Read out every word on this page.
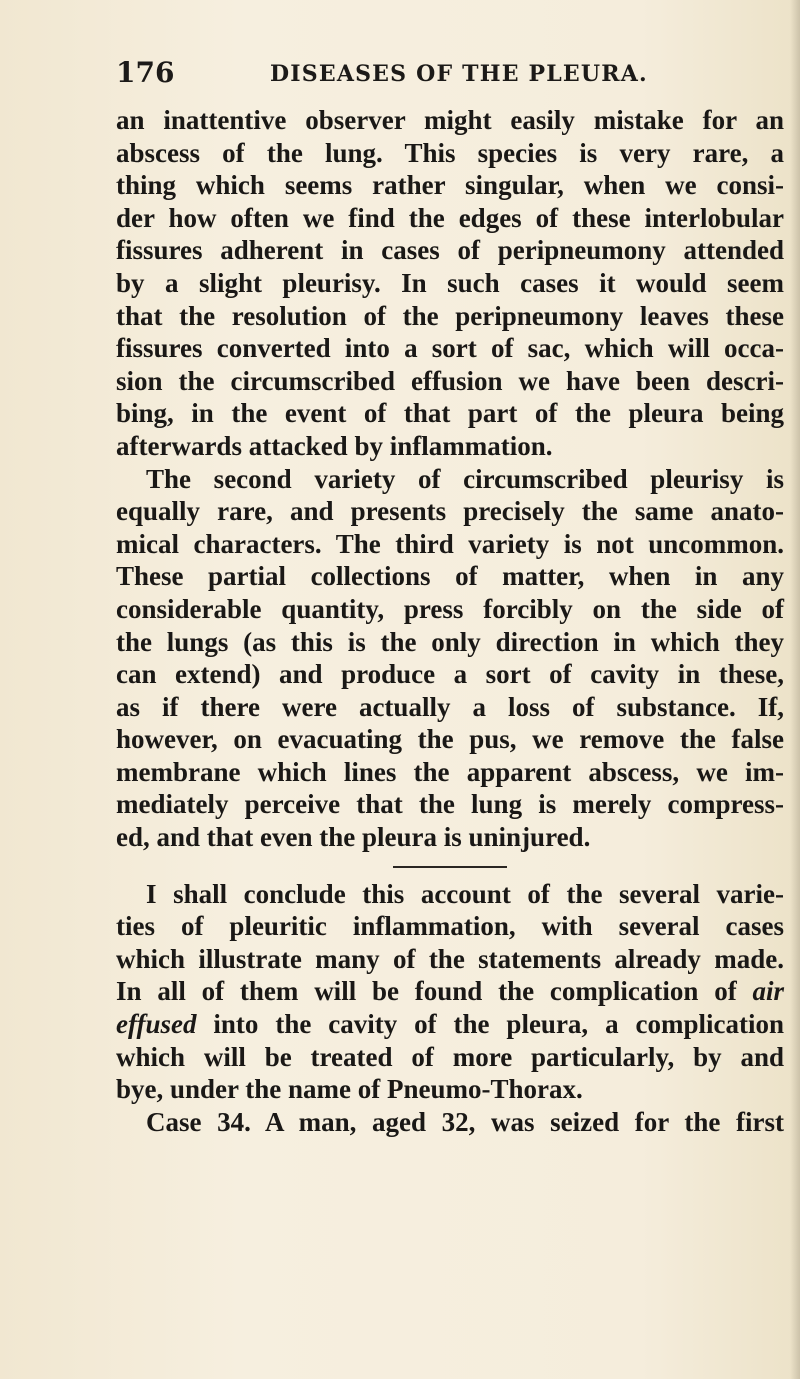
176	DISEASES OF THE PLEURA.
an inattentive observer might easily mistake for an
abscess of the lung. This species is very rare, a
thing which seems rather singular, when we consi-
der how often we find the edges of these interlobular
fissures adherent in cases of peripneumony attended
by a slight pleurisy. In such cases it would seem
that the resolution of the peripneumony leaves these
fissures converted into a sort of sac, which will occa-
sion the circumscribed effusion we have been descri-
bing, in the event of that part of the pleura being
afterwards attacked by inflammation.
The second variety of circumscribed pleurisy is
equally rare, and presents precisely the same anato-
mical characters. The third variety is not uncommon.
These partial collections of matter, when in any
considerable quantity, press forcibly on the side of
the lungs (as this is the only direction in which they
can extend) and produce a sort of cavity in these,
as if there were actually a loss of substance. If,
however, on evacuating the pus, we remove the false
membrane which lines the apparent abscess, we im-
mediately perceive that the lung is merely compress-
ed, and that even the pleura is uninjured.
I shall conclude this account of the several varie-
ties of pleuritic inflammation, with several cases
which illustrate many of the statements already made.
In all of them will be found the complication of air
effused into the cavity of the pleura, a complication
which will be treated of more particularly, by and
bye, under the name of Pneumo-Thorax.
Case 34. A man, aged 32, was seized for the first
